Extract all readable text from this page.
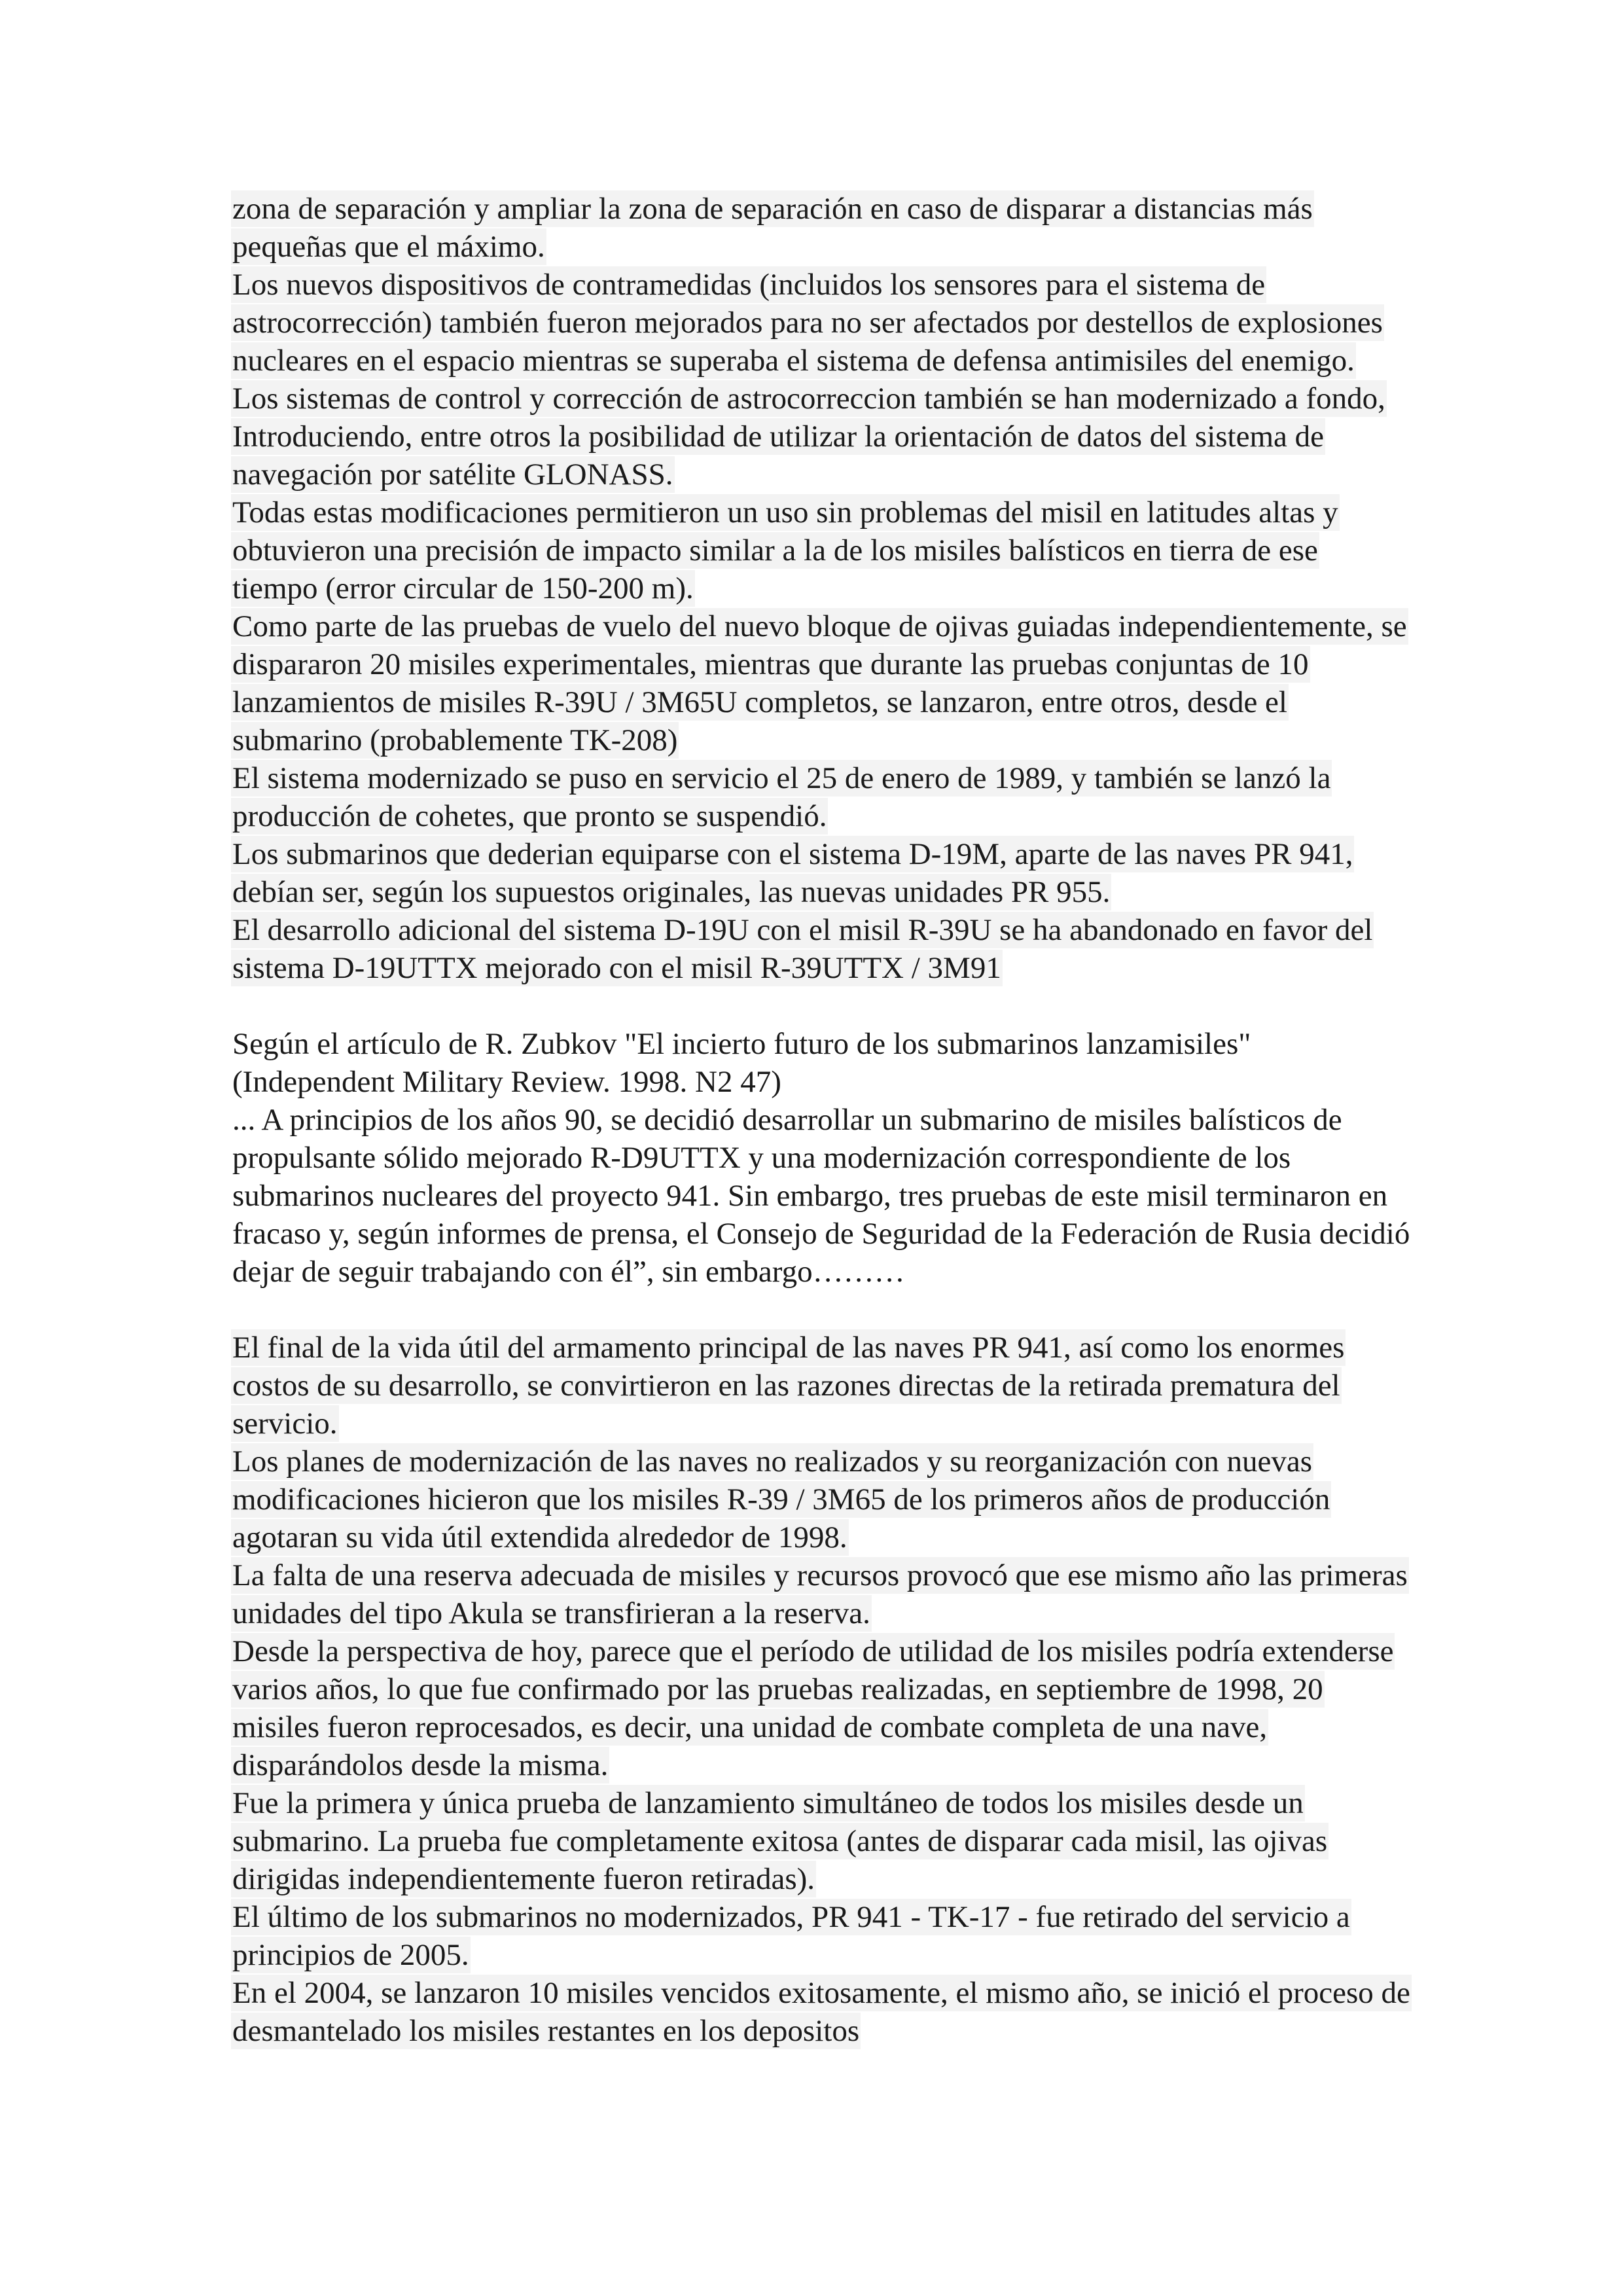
zona de separación y ampliar la zona de separación en caso de disparar a distancias más pequeñas que el máximo.

Los nuevos dispositivos de contramedidas (incluidos los sensores para el sistema de astrocorrección) también fueron mejorados para no ser afectados por destellos de explosiones nucleares en el espacio mientras se superaba el sistema de defensa antimisiles del enemigo.

Los sistemas de control y corrección de astrocorreccion también se han modernizado a fondo, Introduciendo, entre otros la posibilidad de utilizar la orientación de datos del sistema de navegación por satélite GLONASS.

Todas estas modificaciones permitieron un uso sin problemas del misil en latitudes altas y obtuvieron una precisión de impacto similar a la de los misiles balísticos en tierra de ese tiempo (error circular de 150-200 m).

Como parte de las pruebas de vuelo del nuevo bloque de ojivas guiadas independientemente, se dispararon 20 misiles experimentales, mientras que durante las pruebas conjuntas de 10 lanzamientos de misiles R-39U / 3M65U completos, se lanzaron, entre otros, desde el submarino (probablemente TK-208)

El sistema modernizado se puso en servicio el 25 de enero de 1989, y también se lanzó la producción de cohetes, que pronto se suspendió.

Los submarinos que dederian equiparse con el sistema D-19M, aparte de las naves PR 941, debían ser, según los supuestos originales, las nuevas unidades PR 955.

El desarrollo adicional del sistema D-19U con el misil R-39U se ha abandonado en favor del sistema D-19UTTX mejorado con el misil R-39UTTX / 3M91

Según el artículo de R. Zubkov "El incierto futuro de los submarinos lanzamisiles" (Independent Military Review. 1998. N2 47)

... A principios de los años 90, se decidió desarrollar un submarino de misiles balísticos de propulsante sólido mejorado R-D9UTTX y una modernización correspondiente de los submarinos nucleares del proyecto 941. Sin embargo, tres pruebas de este misil terminaron en fracaso y, según informes de prensa, el Consejo de Seguridad de la Federación de Rusia decidió dejar de seguir trabajando con él”, sin embargo………

El final de la vida útil del armamento principal de las naves PR 941, así como los enormes costos de su desarrollo, se convirtieron en las razones directas de la retirada prematura del servicio.

Los planes de modernización de las naves no realizados y su reorganización con nuevas modificaciones hicieron que los misiles R-39 / 3M65 de los primeros años de producción agotaran su vida útil extendida alrededor de 1998.

La falta de una reserva adecuada de misiles y recursos provocó que ese mismo año las primeras unidades del tipo Akula se transfirieran a la reserva.

Desde la perspectiva de hoy, parece que el período de utilidad de los misiles podría extenderse varios años, lo que fue confirmado por las pruebas realizadas, en septiembre de 1998, 20 misiles fueron reprocesados, es decir, una unidad de combate completa de una nave, disparándolos desde la misma.

Fue la primera y única prueba de lanzamiento simultáneo de todos los misiles desde un submarino. La prueba fue completamente exitosa (antes de disparar cada misil, las ojivas dirigidas independientemente fueron retiradas).

El último de los submarinos no modernizados, PR 941 - TK-17 - fue retirado del servicio a principios de 2005.

En el 2004, se lanzaron 10 misiles vencidos exitosamente, el mismo año, se inició el proceso de desmantelado los misiles restantes en los depositos
